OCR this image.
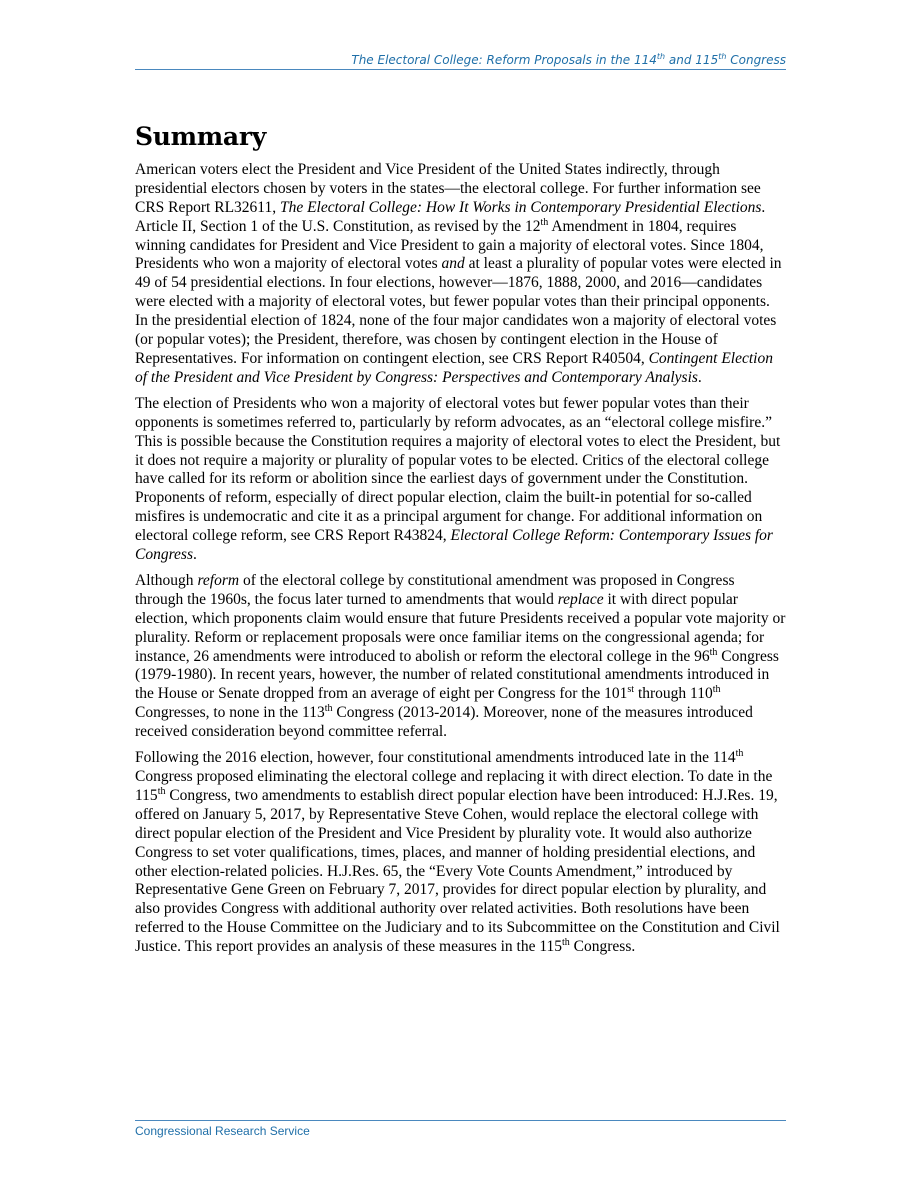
The Electoral College: Reform Proposals in the 114th and 115th Congress
Summary

American voters elect the President and Vice President of the United States indirectly, through presidential electors chosen by voters in the states—the electoral college. For further information see CRS Report RL32611, The Electoral College: How It Works in Contemporary Presidential Elections. Article II, Section 1 of the U.S. Constitution, as revised by the 12th Amendment in 1804, requires winning candidates for President and Vice President to gain a majority of electoral votes. Since 1804, Presidents who won a majority of electoral votes and at least a plurality of popular votes were elected in 49 of 54 presidential elections. In four elections, however—1876, 1888, 2000, and 2016—candidates were elected with a majority of electoral votes, but fewer popular votes than their principal opponents. In the presidential election of 1824, none of the four major candidates won a majority of electoral votes (or popular votes); the President, therefore, was chosen by contingent election in the House of Representatives. For information on contingent election, see CRS Report R40504, Contingent Election of the President and Vice President by Congress: Perspectives and Contemporary Analysis.

The election of Presidents who won a majority of electoral votes but fewer popular votes than their opponents is sometimes referred to, particularly by reform advocates, as an “electoral college misfire.” This is possible because the Constitution requires a majority of electoral votes to elect the President, but it does not require a majority or plurality of popular votes to be elected. Critics of the electoral college have called for its reform or abolition since the earliest days of government under the Constitution. Proponents of reform, especially of direct popular election, claim the built-in potential for so-called misfires is undemocratic and cite it as a principal argument for change. For additional information on electoral college reform, see CRS Report R43824, Electoral College Reform: Contemporary Issues for Congress.

Although reform of the electoral college by constitutional amendment was proposed in Congress through the 1960s, the focus later turned to amendments that would replace it with direct popular election, which proponents claim would ensure that future Presidents received a popular vote majority or plurality. Reform or replacement proposals were once familiar items on the congressional agenda; for instance, 26 amendments were introduced to abolish or reform the electoral college in the 96th Congress (1979-1980). In recent years, however, the number of related constitutional amendments introduced in the House or Senate dropped from an average of eight per Congress for the 101st through 110th Congresses, to none in the 113th Congress (2013-2014). Moreover, none of the measures introduced received consideration beyond committee referral.

Following the 2016 election, however, four constitutional amendments introduced late in the 114th Congress proposed eliminating the electoral college and replacing it with direct election. To date in the 115th Congress, two amendments to establish direct popular election have been introduced: H.J.Res. 19, offered on January 5, 2017, by Representative Steve Cohen, would replace the electoral college with direct popular election of the President and Vice President by plurality vote. It would also authorize Congress to set voter qualifications, times, places, and manner of holding presidential elections, and other election-related policies. H.J.Res. 65, the “Every Vote Counts Amendment,” introduced by Representative Gene Green on February 7, 2017, provides for direct popular election by plurality, and also provides Congress with additional authority over related activities. Both resolutions have been referred to the House Committee on the Judiciary and to its Subcommittee on the Constitution and Civil Justice. This report provides an analysis of these measures in the 115th Congress.

Congressional Research Service
